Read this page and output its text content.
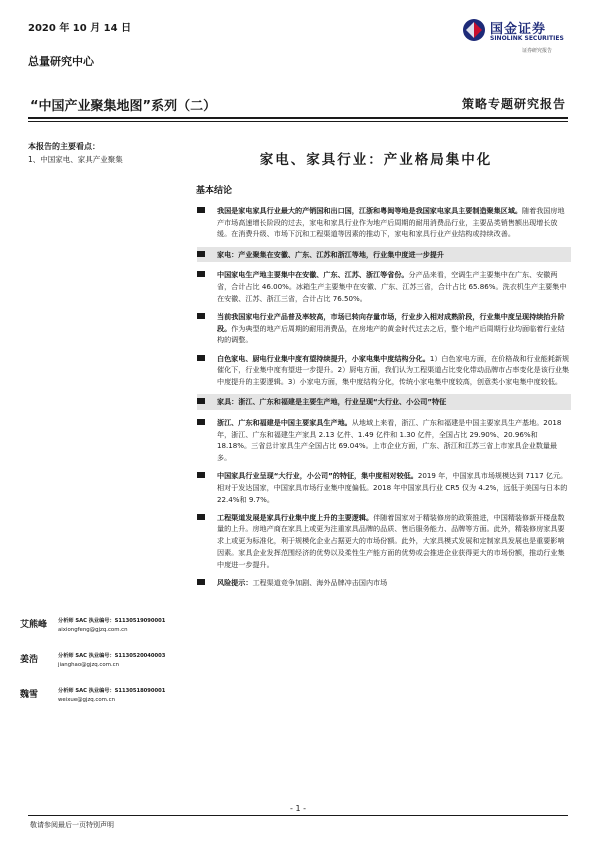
2020 年 10 月 14 日
总量研究中心
国金证券
SINOLINK SECURITIES
证券研究报告
“中国产业聚集地图”系列（二）	策略专题研究报告
本报告的主要看点：
1、中国家电、家具产业聚集	家电、家具行业：产业格局集中化
基本结论
我国是家电家具行业最大的产销国和出口国，江浙和粤闽等地是我国家电家具主要制造聚集区域。随着我国房地产市场高速增长阶段的过去，家电和家具行业作为地产后周期的耐用消费品行业，主要品类销售额出现增长放缓。在消费升级、市场下沉和工程渠道等因素的推动下，家电和家具行业产业结构或持续改善。
家电：产业聚集在安徽、广东、江苏和浙江等地，行业集中度进一步提升
中国家电生产地主要集中在安徽、广东、江苏、浙江等省份。分产品来看，空调生产主要集中在广东、安徽两省，合计占比 46.00%。冰箱生产主要集中在安徽、广东、江苏三省，合计占比 65.86%。洗衣机生产主要集中在安徽、江苏、浙江三省，合计占比 76.50%。
当前我国家电行业产品普及率较高，市场已转向存量市场，行业步入相对成熟阶段，行业集中度呈现持续抬升阶段。作为典型的地产后周期的耐用消费品，在房地产的黄金时代过去之后，整个地产后周期行业均面临着行业结构的调整。
白色家电、厨电行业集中度有望持续提升，小家电集中度结构分化。1）白色家电方面，在价格战和行业能耗新规催化下，行业集中度有望进一步提升。2）厨电方面，我们认为工程渠道占比变化带动品牌市占率变化是该行业集中度提升的主要逻辑。3）小家电方面，集中度结构分化，传统小家电集中度较高，创意类小家电集中度较低。
家具：浙江、广东和福建是主要生产地，行业呈现“大行业、小公司”特征
浙江、广东和福建是中国主要家具生产地。从地域上来看，浙江、广东和福建是中国主要家具生产基地。2018 年，浙江、广东和福建生产家具 2.13 亿件、1.49 亿件和 1.30 亿件，全国占比 29.90%、20.96%和 18.18%。三省总计家具生产全国占比 69.04%。上市企业方面，广东、浙江和江苏三省上市家具企业数量最多。
中国家具行业呈现“大行业，小公司”的特征，集中度相对较低。2019 年，中国家具市场规模达到 7117 亿元。相对于发达国家，中国家具市场行业集中度偏低。2018 年中国家具行业 CR5 仅为 4.2%，远低于美国与日本的 22.4%和 9.7%。
工程渠道发展是家具行业集中度上升的主要逻辑。伴随着国家对于精装修房的政策推进，中国精装修新开楼盘数量的上升。房地产商在家具上或更为注重家具品牌的品质、售后服务能力、品牌等方面。此外，精装修房家具要求上或更为标准化，利于规模化企业占据更大的市场份额。此外，大家具模式发展和定制家具发展也是重要影响因素。家具企业发挥范围经济的优势以及柔性生产能方面的优势或会推进企业获得更大的市场份额，推动行业集中度进一步提升。
风险提示：工程渠道竞争加剧、海外品牌冲击国内市场
艾熊峰 分析师 SAC 执业编号：S1130519090001
aixiongfeng@gjzq.com.cn
姜浩	分析师 SAC 执业编号：S1130520040003
jianghao@gjzq.com.cn
魏雪	分析师 SAC 执业编号：S1130518090001
weixue@gjzq.com.cn
- 1 -
敬请参阅最后一页特别声明
